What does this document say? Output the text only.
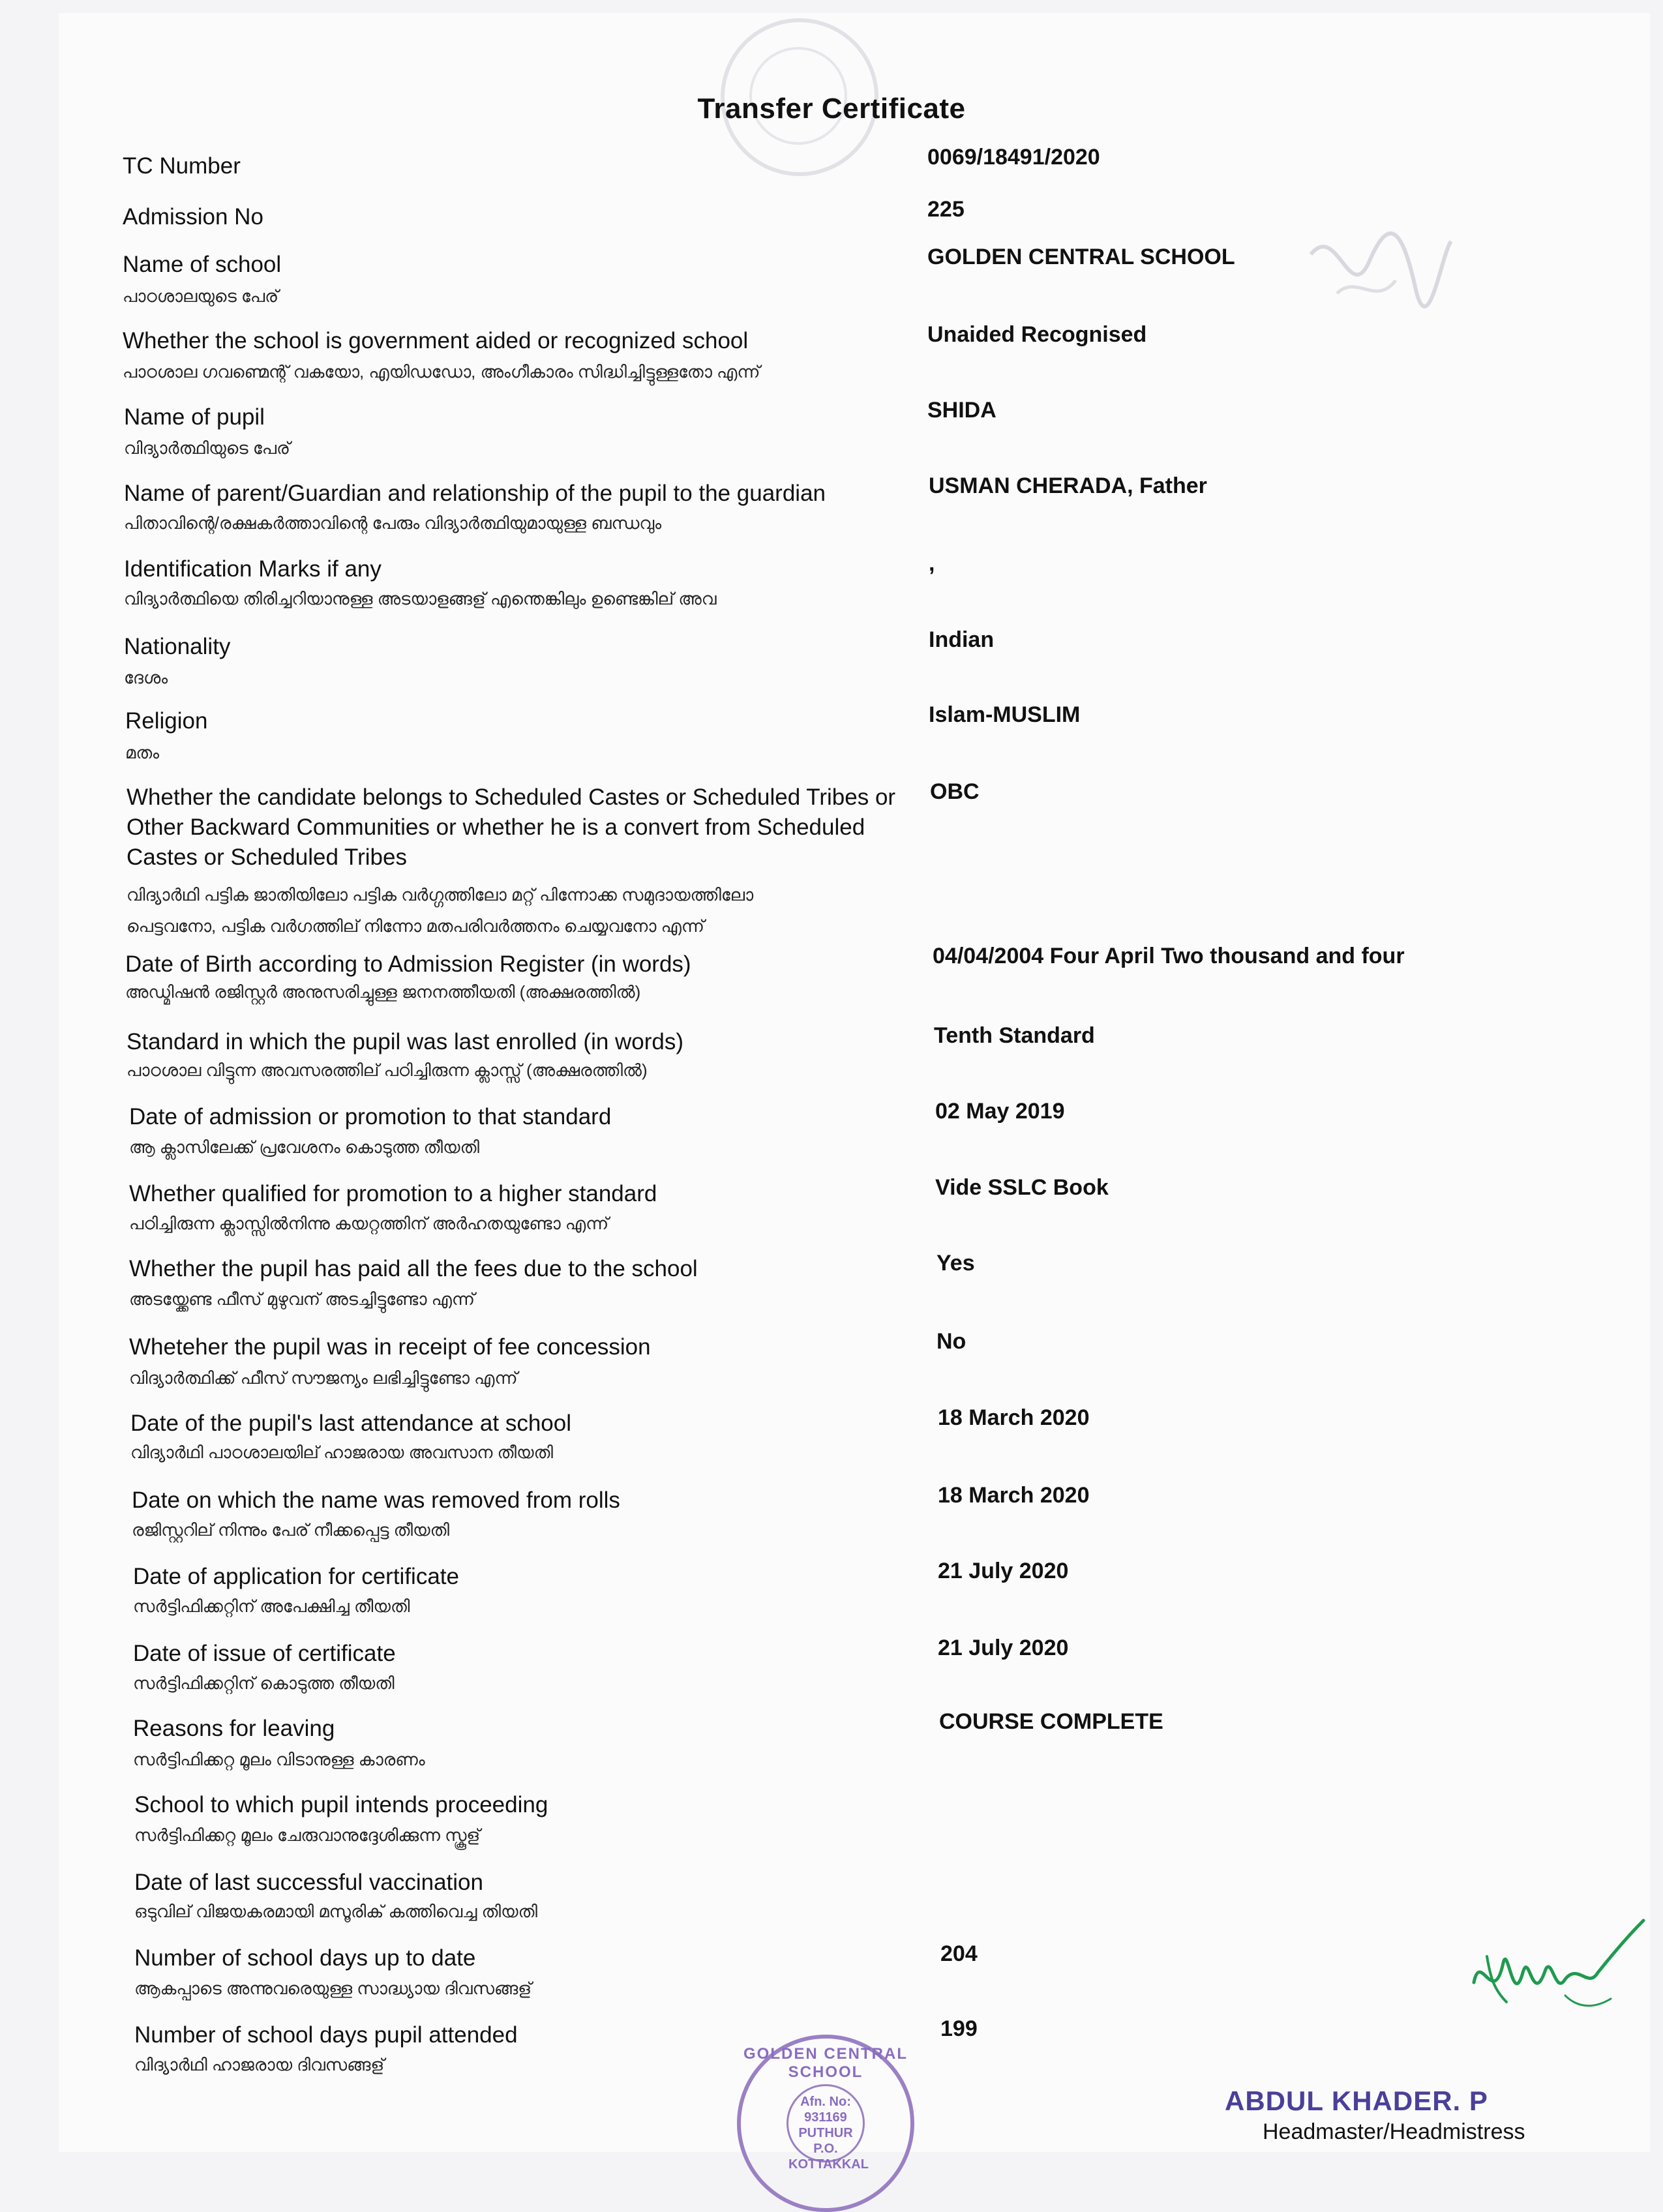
Transfer Certificate
TC Number	0069/18491/2020
Admission No	225
Name of school
പാഠശാലയുടെ പേര്
GOLDEN CENTRAL SCHOOL
Whether the school is government aided or recognized school
പാഠശാല ഗവണ്മെന്റ് വകയോ, എയിഡഡോ, അംഗീകാരം സിദ്ധിച്ചിട്ടുള്ളതോ എന്ന്
Unaided Recognised
Name of pupil
വിദ്യാർത്ഥിയുടെ പേര്
SHIDA
Name of parent/Guardian and relationship of the pupil to the guardian
പിതാവിന്റെ/രക്ഷകർത്താവിന്റെ പേരും വിദ്യാർത്ഥിയുമായുള്ള ബന്ധവും
USMAN CHERADA, Father
Identification Marks if any
വിദ്യാർത്ഥിയെ തിരിച്ചറിയാനുള്ള അടയാളങ്ങള് എന്തെങ്കിലും ഉണ്ടെങ്കില് അവ
,
Nationality
ദേശം
Indian
Religion
മതം
Islam-MUSLIM
Whether the candidate belongs to Scheduled Castes or Scheduled Tribes or
Other Backward Communities or whether he is a convert from Scheduled
Castes or Scheduled Tribes
വിദ്യാർഥി പട്ടിക ജാതിയിലോ പട്ടിക വർഗ്ഗത്തിലോ മറ്റ് പിന്നോക്ക സമുദായത്തിലോ
പെട്ടവനോ, പട്ടിക വർഗത്തില് നിന്നോ മതപരിവർത്തനം ചെയ്യവനോ എന്ന്
OBC
Date of Birth according to Admission Register (in words)
അഡ്മിഷൻ രജിസ്റ്റർ അനുസരിച്ചുള്ള ജനനത്തീയതി (അക്ഷരത്തിൽ)
04/04/2004 Four April Two thousand and four
Standard in which the pupil was last enrolled (in words)
പാഠശാല വിട്ടുന്ന അവസരത്തില് പഠിച്ചിരുന്ന ക്ലാസ്സ് (അക്ഷരത്തിൽ)
Tenth Standard
Date of admission or promotion to that standard
ആ ക്ലാസിലേക്ക് പ്രവേശനം കൊടുത്ത തീയതി
02 May 2019
Whether qualified for promotion to a higher standard
പഠിച്ചിരുന്ന ക്ലാസ്സിൽനിന്നു കയറ്റത്തിന് അർഹതയുണ്ടോ എന്ന്
Vide SSLC Book
Whether the pupil has paid all the fees due to the school
അടയ്ക്കേണ്ട ഫീസ് മുഴുവന് അടച്ചിട്ടുണ്ടോ എന്ന്
Yes
Whetеher the pupil was in receipt of fee concession
വിദ്യാർത്ഥിക്ക് ഫീസ് സൗജന്യം ലഭിച്ചിട്ടുണ്ടോ എന്ന്
No
Date of the pupil's last attendance at school
വിദ്യാർഥി പാഠശാലയില് ഹാജരായ അവസാന തീയതി
18 March 2020
Date on which the name was removed from rolls
രജിസ്റ്ററില് നിന്നും പേര് നീക്കപ്പെട്ട തീയതി
18 March 2020
Date of application for certificate
സർട്ടിഫിക്കറ്റിന് അപേക്ഷിച്ച തീയതി
21 July 2020
Date of issue of certificate
സർട്ടിഫിക്കറ്റിന് കൊടുത്ത തീയതി
21 July 2020
Reasons for leaving
സർട്ടിഫിക്കറ്റ മൂലം വിടാനുള്ള കാരണം
COURSE COMPLETE
School to which pupil intends proceeding
സർട്ടിഫിക്കറ്റ മൂലം ചേരുവാനുദ്ദേശിക്കുന്ന സ്കൂള്
Date of last successful vaccination
ഒടുവില് വിജയകരമായി മസൂരിക് കത്തിവെച്ച തിയതി
Number of school days up to date
ആകപ്പാടെ അന്നുവരെയുള്ള സാദ്ധ്യായ ദിവസങ്ങള്
204
Number of school days pupil attended
വിദ്യാർഥി ഹാജരായ ദിവസങ്ങള്
199
GOLDEN CENTRAL SCHOOL
Afn. No:
931169
PUTHUR P.O.
KOTTAKKAL
ABDUL KHADER. P
Headmaster/Headmistress
